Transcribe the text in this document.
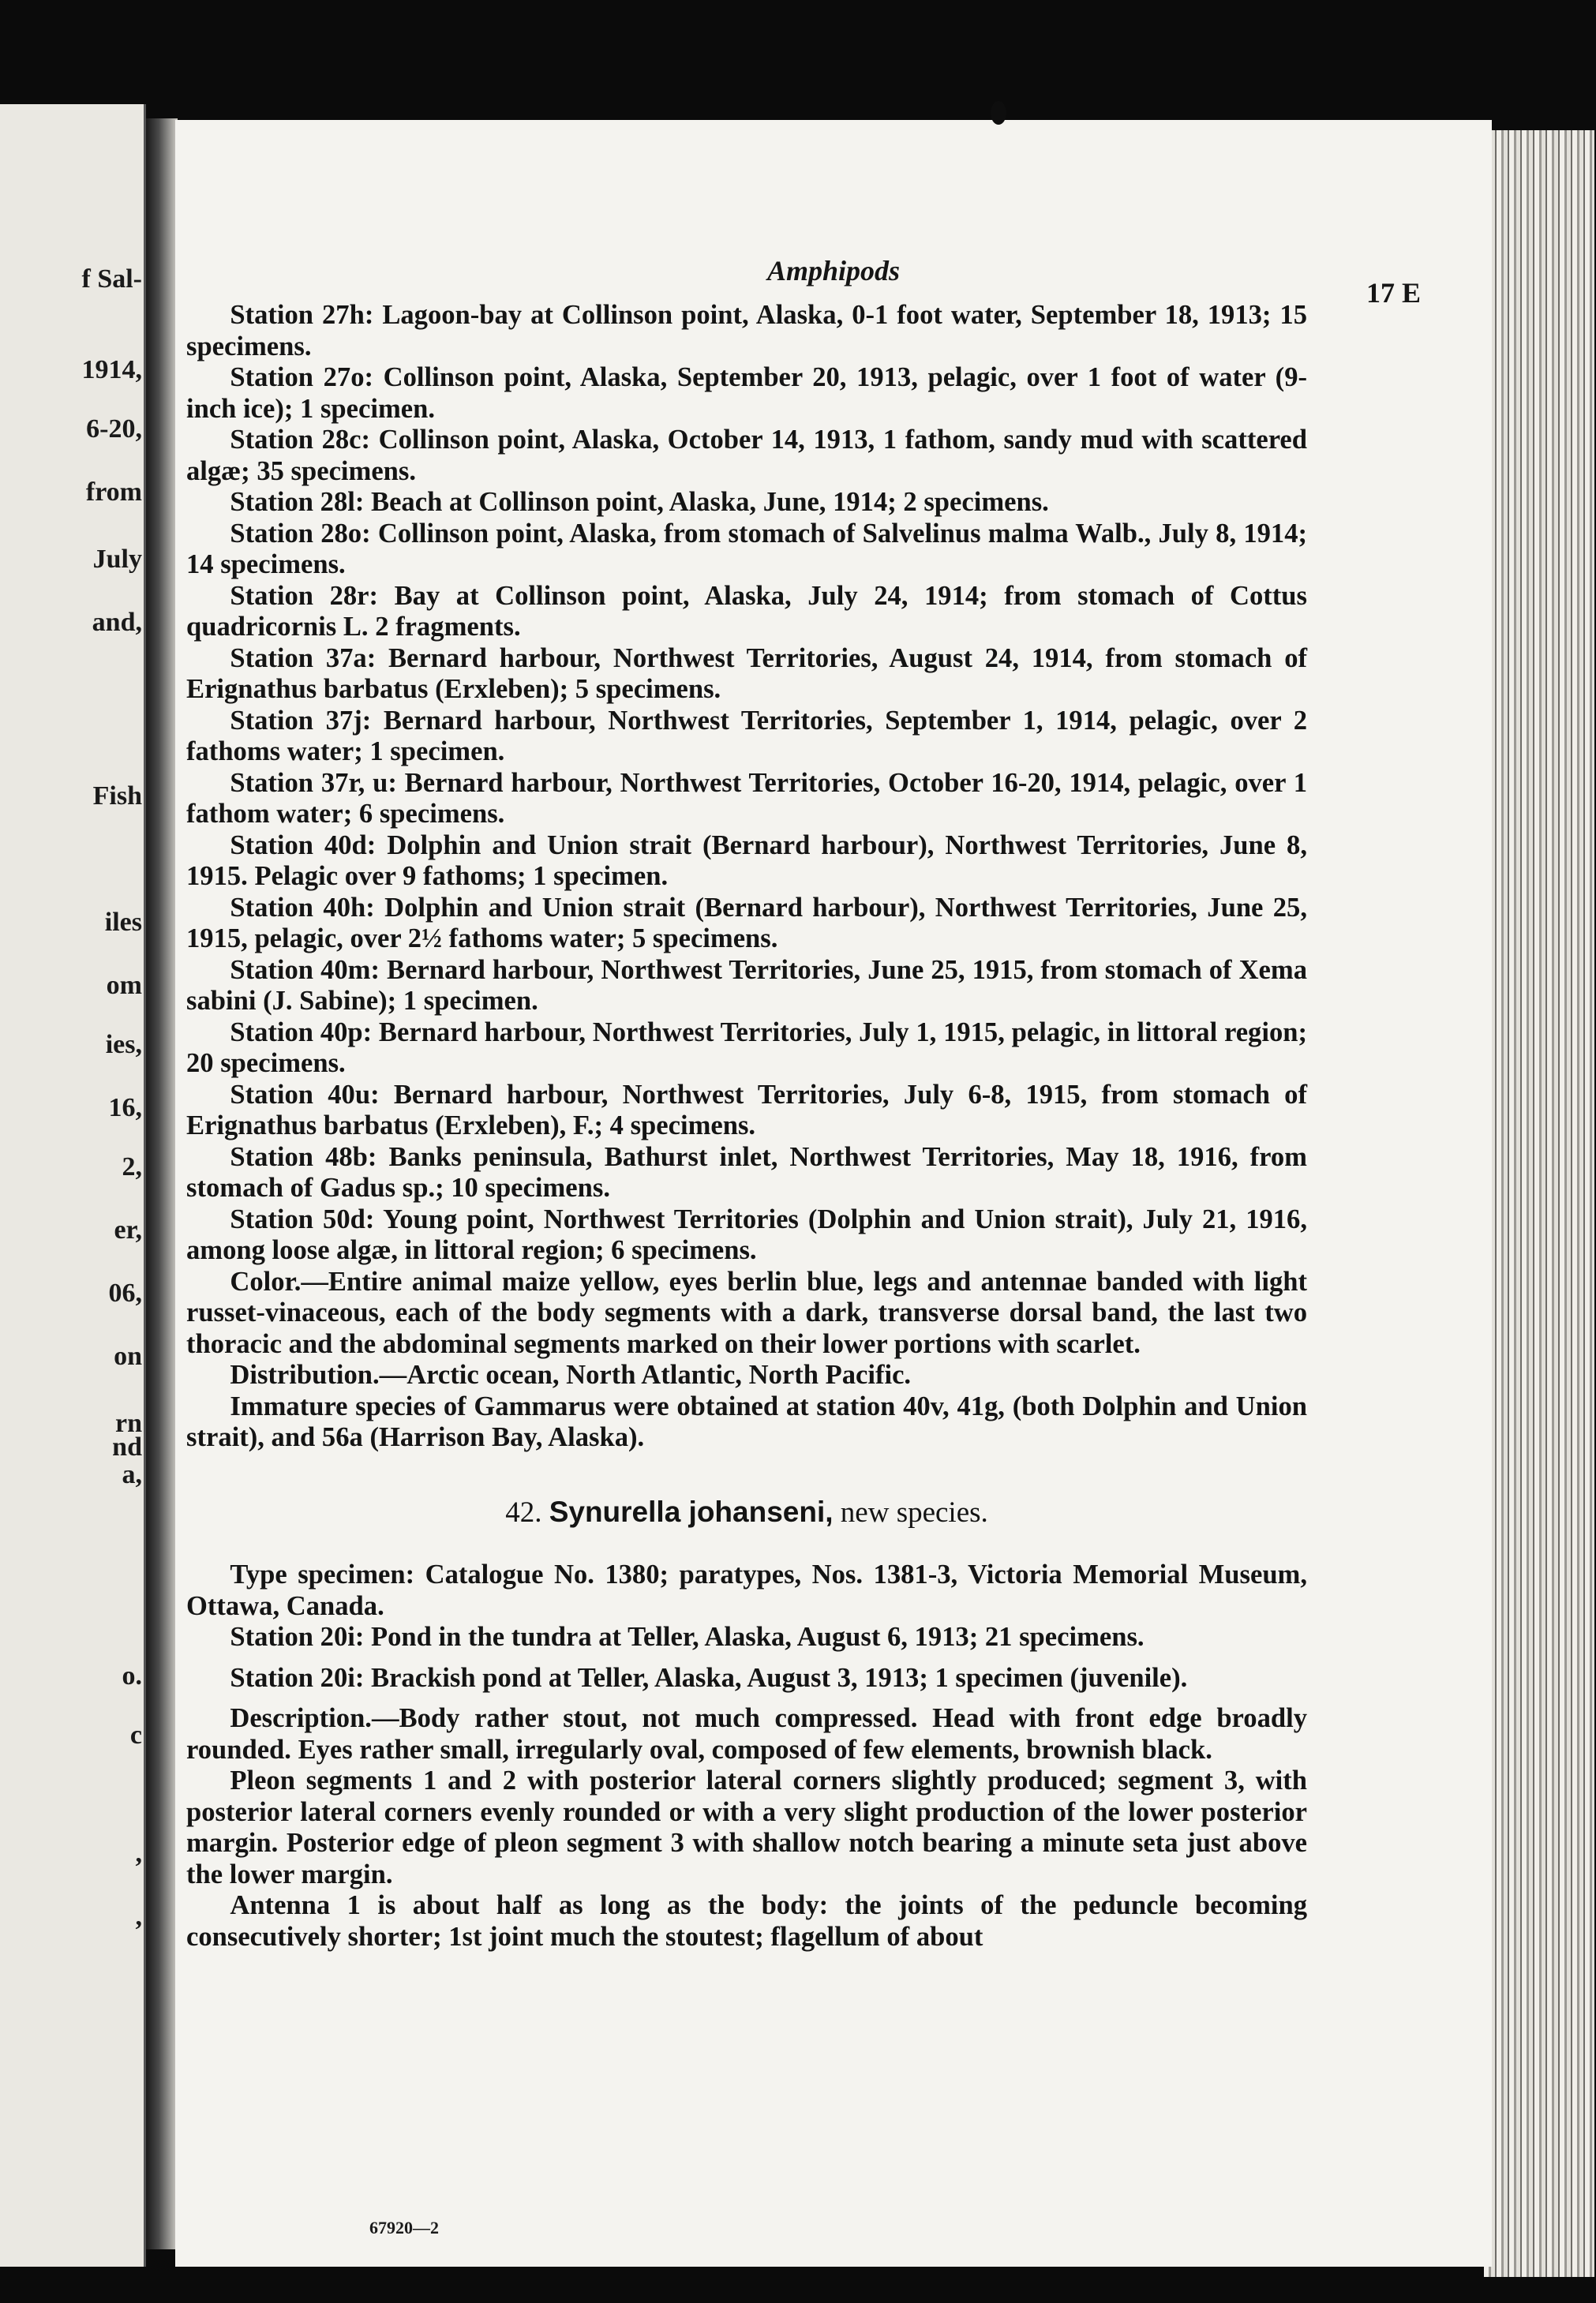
f Sal-
1914,
6-20,
from
July
and,
Fish
iles
om
ies,
16,
2,
er,
06,
on
rn
nd
a,
o.
c
,
,
Amphipods
17 E
67920—2

Station 27h: Lagoon-bay at Collinson point, Alaska, 0-1 foot water, September 18, 1913; 15 specimens.

Station 27o: Collinson point, Alaska, September 20, 1913, pelagic, over 1 foot of water (9-inch ice); 1 specimen.

Station 28c: Collinson point, Alaska, October 14, 1913, 1 fathom, sandy mud with scattered algæ; 35 specimens.

Station 28l: Beach at Collinson point, Alaska, June, 1914; 2 specimens.

Station 28o: Collinson point, Alaska, from stomach of Salvelinus malma Walb., July 8, 1914; 14 specimens.

Station 28r: Bay at Collinson point, Alaska, July 24, 1914; from stomach of Cottus quadricornis L. 2 fragments.

Station 37a: Bernard harbour, Northwest Territories, August 24, 1914, from stomach of Erignathus barbatus (Erxleben); 5 specimens.

Station 37j: Bernard harbour, Northwest Territories, September 1, 1914, pelagic, over 2 fathoms water; 1 specimen.

Station 37r, u: Bernard harbour, Northwest Territories, October 16-20, 1914, pelagic, over 1 fathom water; 6 specimens.

Station 40d: Dolphin and Union strait (Bernard harbour), Northwest Territories, June 8, 1915. Pelagic over 9 fathoms; 1 specimen.

Station 40h: Dolphin and Union strait (Bernard harbour), Northwest Territories, June 25, 1915, pelagic, over 2½ fathoms water; 5 specimens.

Station 40m: Bernard harbour, Northwest Territories, June 25, 1915, from stomach of Xema sabini (J. Sabine); 1 specimen.

Station 40p: Bernard harbour, Northwest Territories, July 1, 1915, pelagic, in littoral region; 20 specimens.

Station 40u: Bernard harbour, Northwest Territories, July 6-8, 1915, from stomach of Erignathus barbatus (Erxleben), F.; 4 specimens.

Station 48b: Banks peninsula, Bathurst inlet, Northwest Territories, May 18, 1916, from stomach of Gadus sp.; 10 specimens.

Station 50d: Young point, Northwest Territories (Dolphin and Union strait), July 21, 1916, among loose algæ, in littoral region; 6 specimens.

Color.—Entire animal maize yellow, eyes berlin blue, legs and antennae banded with light russet-vinaceous, each of the body segments with a dark, transverse dorsal band, the last two thoracic and the abdominal segments marked on their lower portions with scarlet.

Distribution.—Arctic ocean, North Atlantic, North Pacific.

Immature species of Gammarus were obtained at station 40v, 41g, (both Dolphin and Union strait), and 56a (Harrison Bay, Alaska).

42. Synurella johanseni, new species.

Type specimen: Catalogue No. 1380; paratypes, Nos. 1381-3, Victoria Memorial Museum, Ottawa, Canada.

Station 20i: Pond in the tundra at Teller, Alaska, August 6, 1913; 21 specimens.

Station 20i: Brackish pond at Teller, Alaska, August 3, 1913; 1 specimen (juvenile).

Description.—Body rather stout, not much compressed. Head with front edge broadly rounded. Eyes rather small, irregularly oval, composed of few elements, brownish black.

Pleon segments 1 and 2 with posterior lateral corners slightly produced; segment 3, with posterior lateral corners evenly rounded or with a very slight production of the lower posterior margin. Posterior edge of pleon segment 3 with shallow notch bearing a minute seta just above the lower margin.

Antenna 1 is about half as long as the body: the joints of the peduncle becoming consecutively shorter; 1st joint much the stoutest; flagellum of about
